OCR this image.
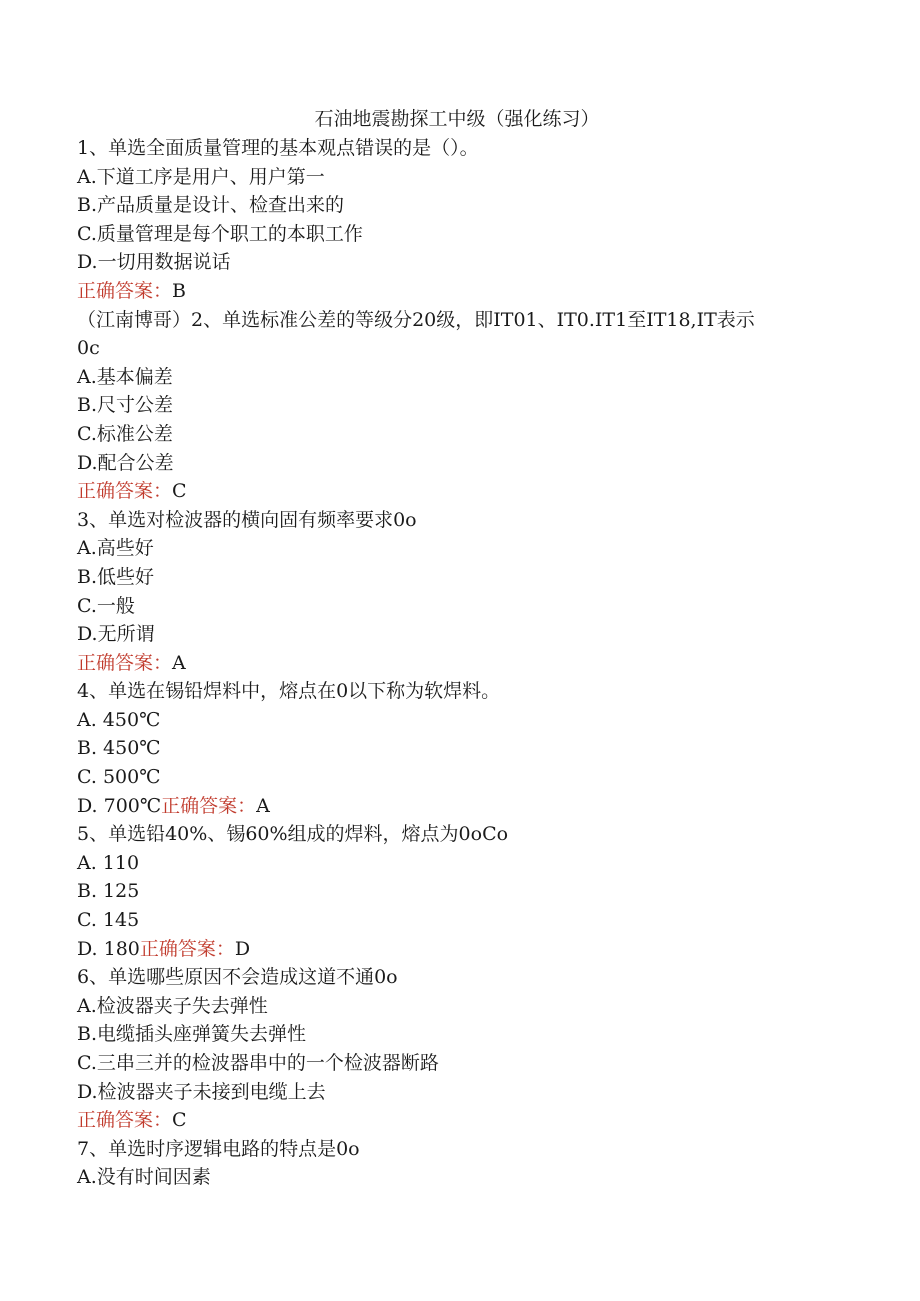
石油地震勘探工中级（强化练习）
1、单选全面质量管理的基本观点错误的是（）。
A.下道工序是用户、用户第一
B.产品质量是设计、检查出来的
C.质量管理是每个职工的本职工作
D.一切用数据说话
正确答案：B
（江南博哥）2、单选标准公差的等级分20级，即IT01、IT0.IT1至IT18,IT表示
0c
A.基本偏差
B.尺寸公差
C.标准公差
D.配合公差
正确答案：C
3、单选对检波器的横向固有频率要求0o
A.高些好
B.低些好
C.一般
D.无所谓
正确答案：A
4、单选在锡铅焊料中，熔点在0以下称为软焊料。
A. 450℃
B. 450℃
C. 500℃
D. 700℃正确答案：A
5、单选铅40%、锡60%组成的焊料，熔点为0oCo
A. 110
B. 125
C. 145
D. 180正确答案：D
6、单选哪些原因不会造成这道不通0o
A.检波器夹子失去弹性
B.电缆插头座弹簧失去弹性
C.三串三并的检波器串中的一个检波器断路
D.检波器夹子未接到电缆上去
正确答案：C
7、单选时序逻辑电路的特点是0o
A.没有时间因素
